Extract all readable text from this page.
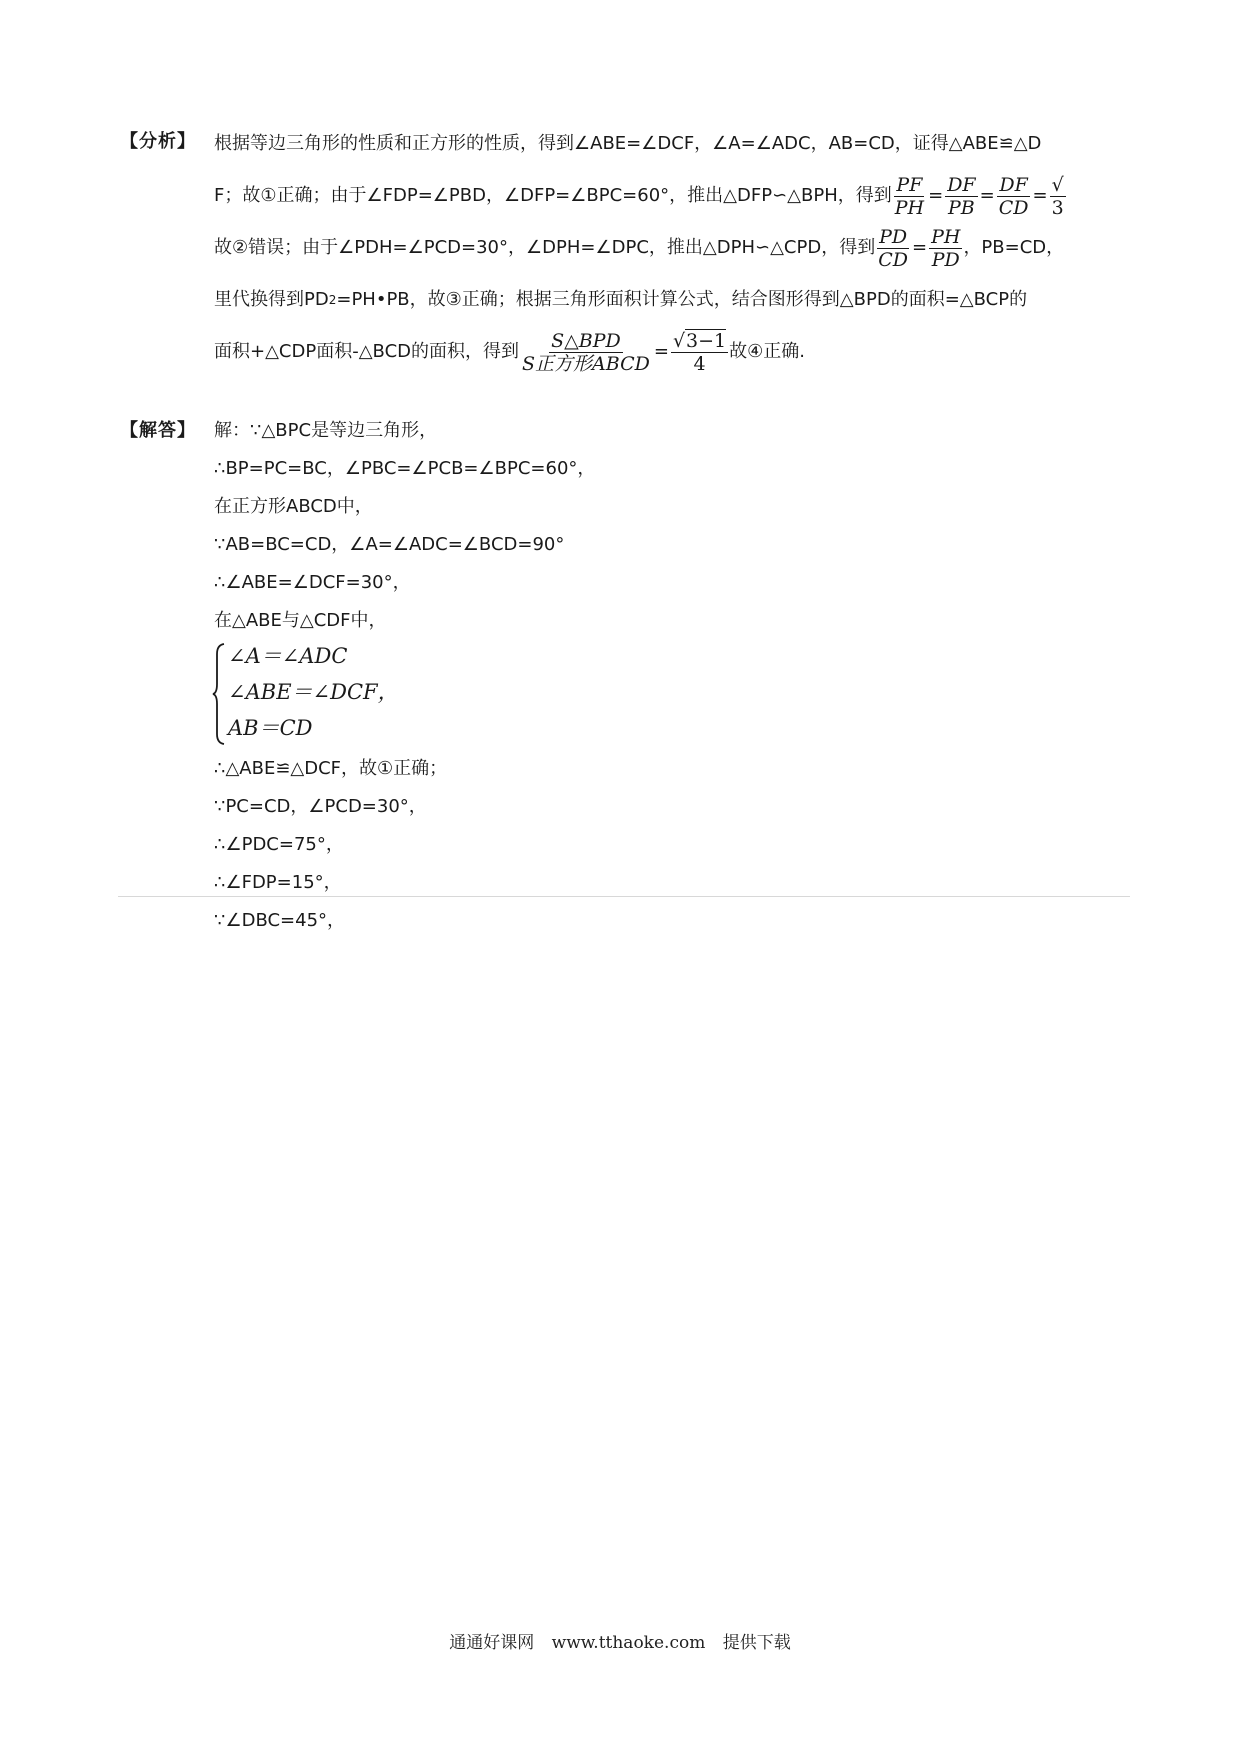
【分析】 根据等边三角形的性质和正方形的性质，得到∠ABE=∠DCF，∠A=∠ADC，AB=CD，证得△ABE≌△D
F；故①正确；由于∠FDP=∠PBD，∠DFP=∠BPC=60°，推出△DFP∽△BPH，得到 $\frac{PF}{PH} = \frac{DF}{PB} = \frac{DF}{CD} = \frac{√}{3}$
故②错误；由于∠PDH=∠PCD=30°，∠DPH=∠DPC，推出△DPH∽△CPD，得到 $\frac{PD}{CD} = \frac{PH}{PD}$ ，PB=CD，
里代换得到PD 2 =PH•PB，故③正确；根据三角形面积计算公式，结合图形得到△BPD的面积=△BCP的
面积+△CDP面积-△BCD的面积，得到 $\frac{\text{S△BPD}}{\text{S正方形ABCD}} = \frac{√3-1}{4}$ 故④正确.
【解答】 解：∵△BPC是等边三角形，
∴BP=PC=BC，∠PBC=∠PCB=∠BPC=60°，
在正方形ABCD中，
∵AB=BC=CD，∠A=∠ADC=∠BCD=90°
∴∠ABE=∠DCF=30°，
在△ABE与△CDF中，
∠A＝∠ADC
∠ABE＝∠DCF，
AB＝CD
∴△ABE≌△DCF，故①正确；
∵PC=CD，∠PCD=30°，
∴∠PDC=75°，
∴∠FDP=15°，
∵∠DBC=45°，
通通好课网 www.tthaoke.com 提供下载
